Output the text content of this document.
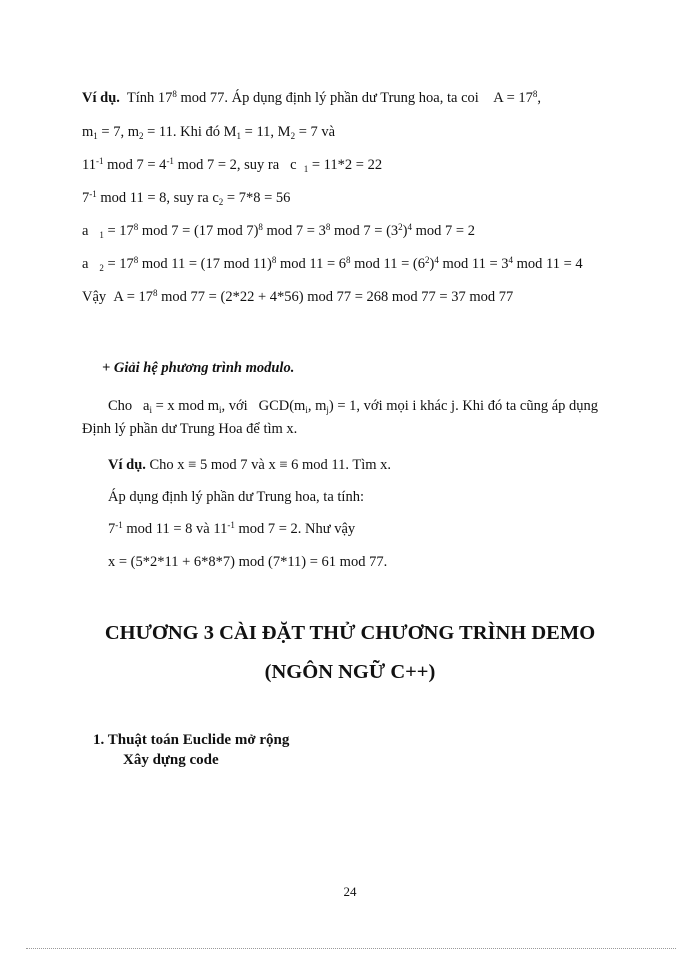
Ví dụ. Tính $17^8$ mod 77. Áp dụng định lý phần dư Trung hoa, ta coi $A = 17^8$,
$m_1 = 7$, $m_2 = 11$. Khi đó $M_1 = 11$, $M_2 = 7$ và
$11^{-1}$ mod $7 = 4^{-1}$ mod 7 = 2, suy ra c $_1$ = 11*2 = 22
$7^{-1}$ mod 11 = 8, suy ra $c_2 = 7*8 = 56$
a $_1 = 17^8$ mod 7 = (17 mod 7)$^8$ mod $7 = 3^8$ mod $7 = (3^2)^4$ mod 7 = 2
a $_2 = 17^8$ mod 11 = (17 mod 11)$^8$ mod $11 = 6^8$ mod $11 = (6^2)^4$ mod $11 = 3^4$ mod 11 = 4
Vậy $A = 17^8$ mod 77 = (2*22 + 4*56) mod 77 = 268 mod 77 = 37 mod 77
+ Giải hệ phương trình modulo.
Cho $a_i = x$ mod $m_i$, với $GCD(m_i$, $m_j) = 1$, với mọi i khác j. Khi đó ta cũng áp dụng
Định lý phần dư Trung Hoa để tìm x.
Ví dụ. Cho x ≡ 5 mod 7 và x ≡ 6 mod 11. Tìm x.
Áp dụng định lý phần dư Trung hoa, ta tính:
$7^{-1}$ mod 11 = 8 và $11^{-1}$ mod 7 = 2. Như vậy
x = (5*2*11 + 6*8*7) mod (7*11) = 61 mod 77.
CHƯƠNG 3 CÀI ĐẶT THỬ CHƯƠNG TRÌNH DEMO
(NGÔN NGỮ C++)
1. Thuật toán Euclide mở rộng
Xây dựng code
24
